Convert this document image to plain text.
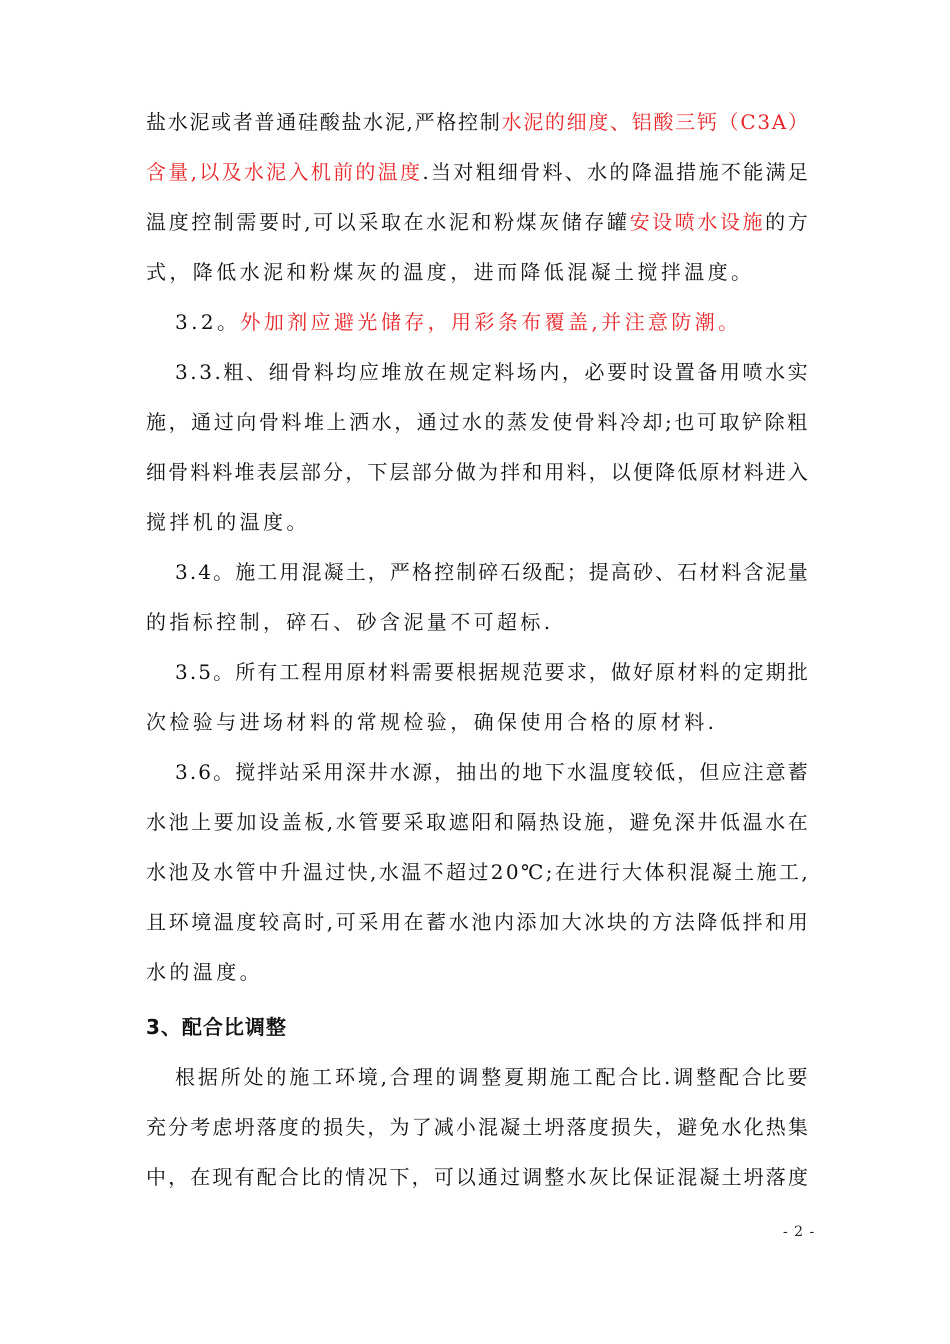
盐水泥或者普通硅酸盐水泥,严格控制水泥的细度、铝酸三钙（C3A）
含量,以及水泥入机前的温度.当对粗细骨料、水的降温措施不能满足
温度控制需要时,可以采取在水泥和粉煤灰储存罐安设喷水设施的方
式，降低水泥和粉煤灰的温度，进而降低混凝土搅拌温度。
3.2。外加剂应避光储存，用彩条布覆盖,并注意防潮。
3.3.粗、细骨料均应堆放在规定料场内，必要时设置备用喷水实
施，通过向骨料堆上洒水，通过水的蒸发使骨料冷却;也可取铲除粗
细骨料料堆表层部分，下层部分做为拌和用料，以便降低原材料进入
搅拌机的温度。
3.4。施工用混凝土，严格控制碎石级配；提高砂、石材料含泥量
的指标控制，碎石、砂含泥量不可超标.
3.5。所有工程用原材料需要根据规范要求，做好原材料的定期批
次检验与进场材料的常规检验，确保使用合格的原材料.
3.6。搅拌站采用深井水源，抽出的地下水温度较低，但应注意蓄
水池上要加设盖板,水管要采取遮阳和隔热设施，避免深井低温水在
水池及水管中升温过快,水温不超过20℃;在进行大体积混凝土施工,
且环境温度较高时,可采用在蓄水池内添加大冰块的方法降低拌和用
水的温度。
3、配合比调整
根据所处的施工环境,合理的调整夏期施工配合比.调整配合比要
充分考虑坍落度的损失，为了减小混凝土坍落度损失，避免水化热集
中，在现有配合比的情况下，可以通过调整水灰比保证混凝土坍落度
- 2 -
